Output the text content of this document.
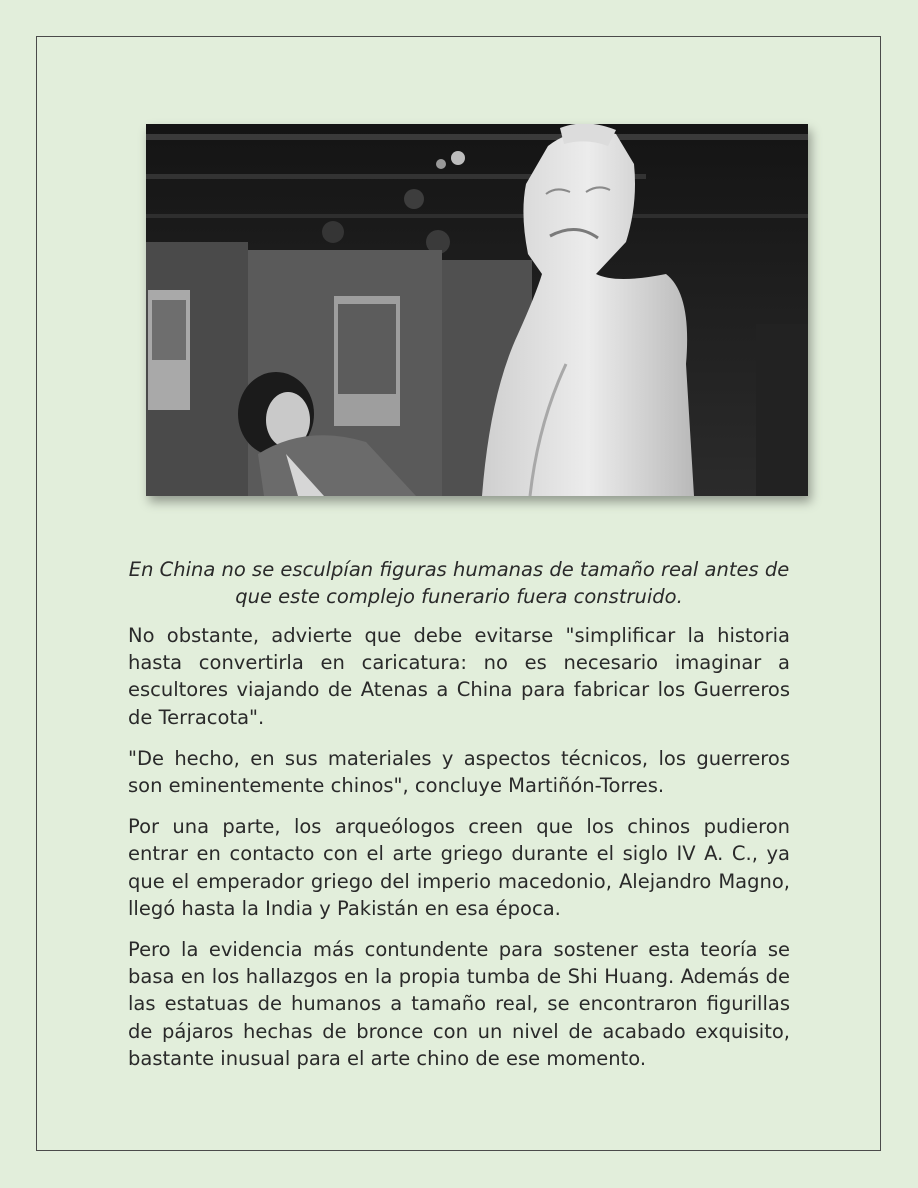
En China no se esculpían figuras humanas de tamaño real antes de que este complejo funerario fuera construido.

No obstante, advierte que debe evitarse "simplificar la historia hasta convertirla en caricatura: no es necesario imaginar a escultores viajando de Atenas a China para fabricar los Guerreros de Terracota".

"De hecho, en sus materiales y aspectos técnicos, los guerreros son eminentemente chinos", concluye Martiñón-Torres.

Por una parte, los arqueólogos creen que los chinos pudieron entrar en contacto con el arte griego durante el siglo IV A. C., ya que el emperador griego del imperio macedonio, Alejandro Magno, llegó hasta la India y Pakistán en esa época.

Pero la evidencia más contundente para sostener esta teoría se basa en los hallazgos en la propia tumba de Shi Huang. Además de las estatuas de humanos a tamaño real, se encontraron figurillas de pájaros hechas de bronce con un nivel de acabado exquisito, bastante inusual para el arte chino de ese momento.
